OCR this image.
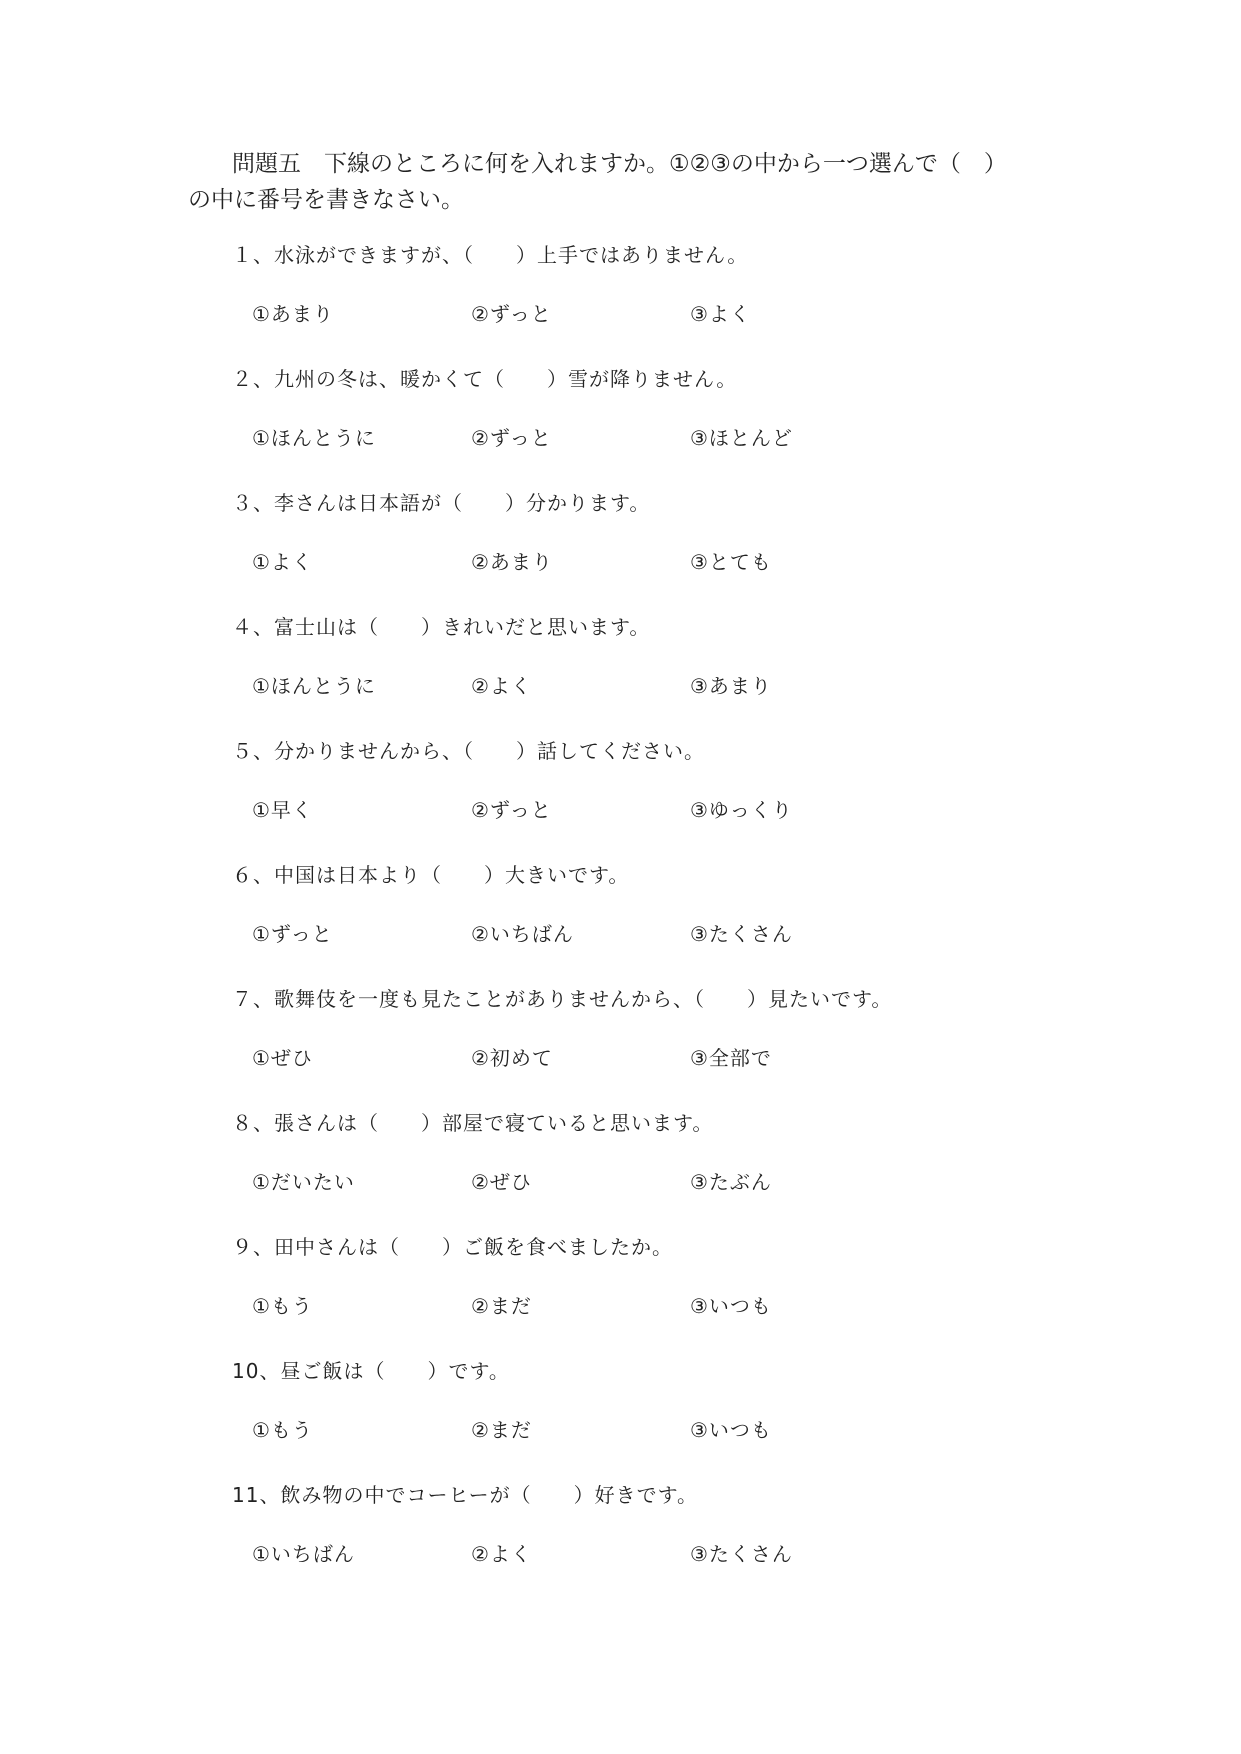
問題五　下線のところに何を入れますか。①②③の中から一つ選んで（　）
の中に番号を書きなさい。
１、水泳ができますが、（　　）上手ではありません。
①あまり	②ずっと	③よく
２、九州の冬は、暖かくて（　　）雪が降りません。
①ほんとうに	②ずっと	③ほとんど
３、李さんは日本語が（　　）分かります。
①よく	②あまり	③とても
４、富士山は（　　）きれいだと思います。
①ほんとうに	②よく	③あまり
５、分かりませんから、（　　）話してください。
①早く	②ずっと	③ゆっくり
６、中国は日本より（　　）大きいです。
①ずっと	②いちばん	③たくさん
７、歌舞伎を一度も見たことがありませんから、（　　）見たいです。
①ぜひ	②初めて	③全部で
８、張さんは（　　）部屋で寝ていると思います。
①だいたい	②ぜひ	③たぶん
９、田中さんは（　　）ご飯を食べましたか。
①もう	②まだ	③いつも
10、昼ご飯は（　　）です。
①もう	②まだ	③いつも
11、飲み物の中でコーヒーが（　　）好きです。
①いちばん	②よく	③たくさん
